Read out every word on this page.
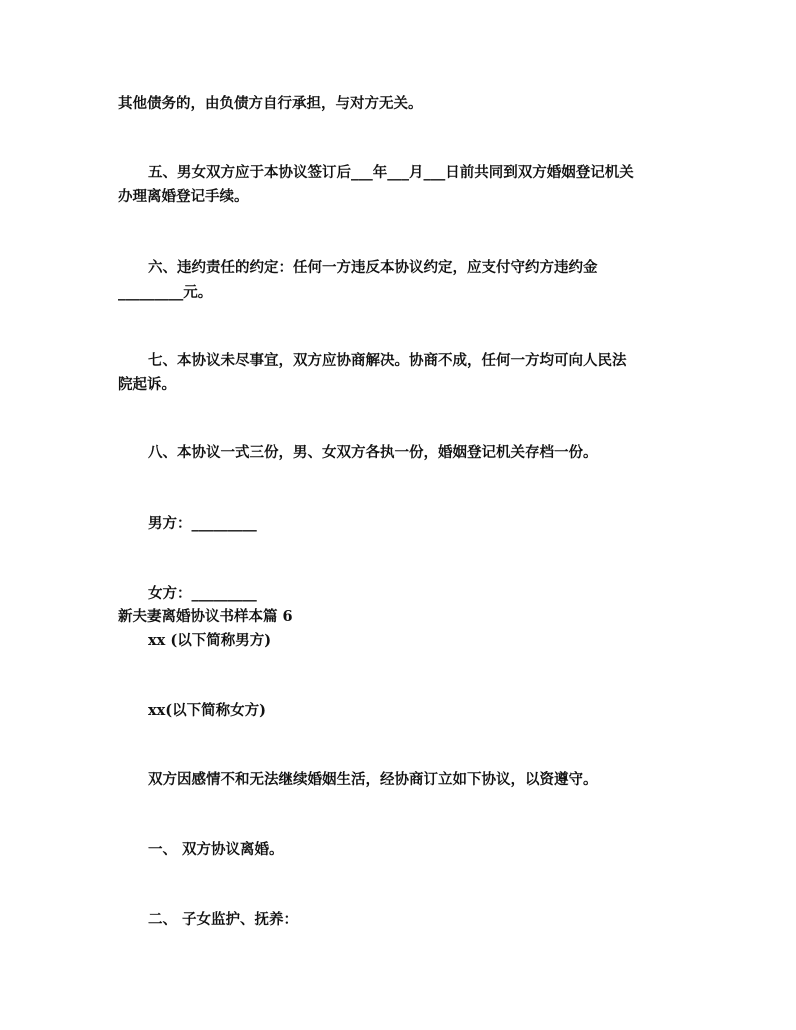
其他债务的，由负债方自行承担，与对方无关。
五、男女双方应于本协议签订后___年___月___日前共同到双方婚姻登记机关
办理离婚登记手续。
六、违约责任的约定：任何一方违反本协议约定，应支付守约方违约金
_________元。
七、本协议未尽事宜，双方应协商解决。协商不成，任何一方均可向人民法
院起诉。
八、本协议一式三份，男、女双方各执一份，婚姻登记机关存档一份。
男方：_________
女方：_________
新夫妻离婚协议书样本篇 6
xx (以下简称男方)
xx(以下简称女方)
双方因感情不和无法继续婚姻生活，经协商订立如下协议，以资遵守。
一、 双方协议离婚。
二、 子女监护、抚养：
